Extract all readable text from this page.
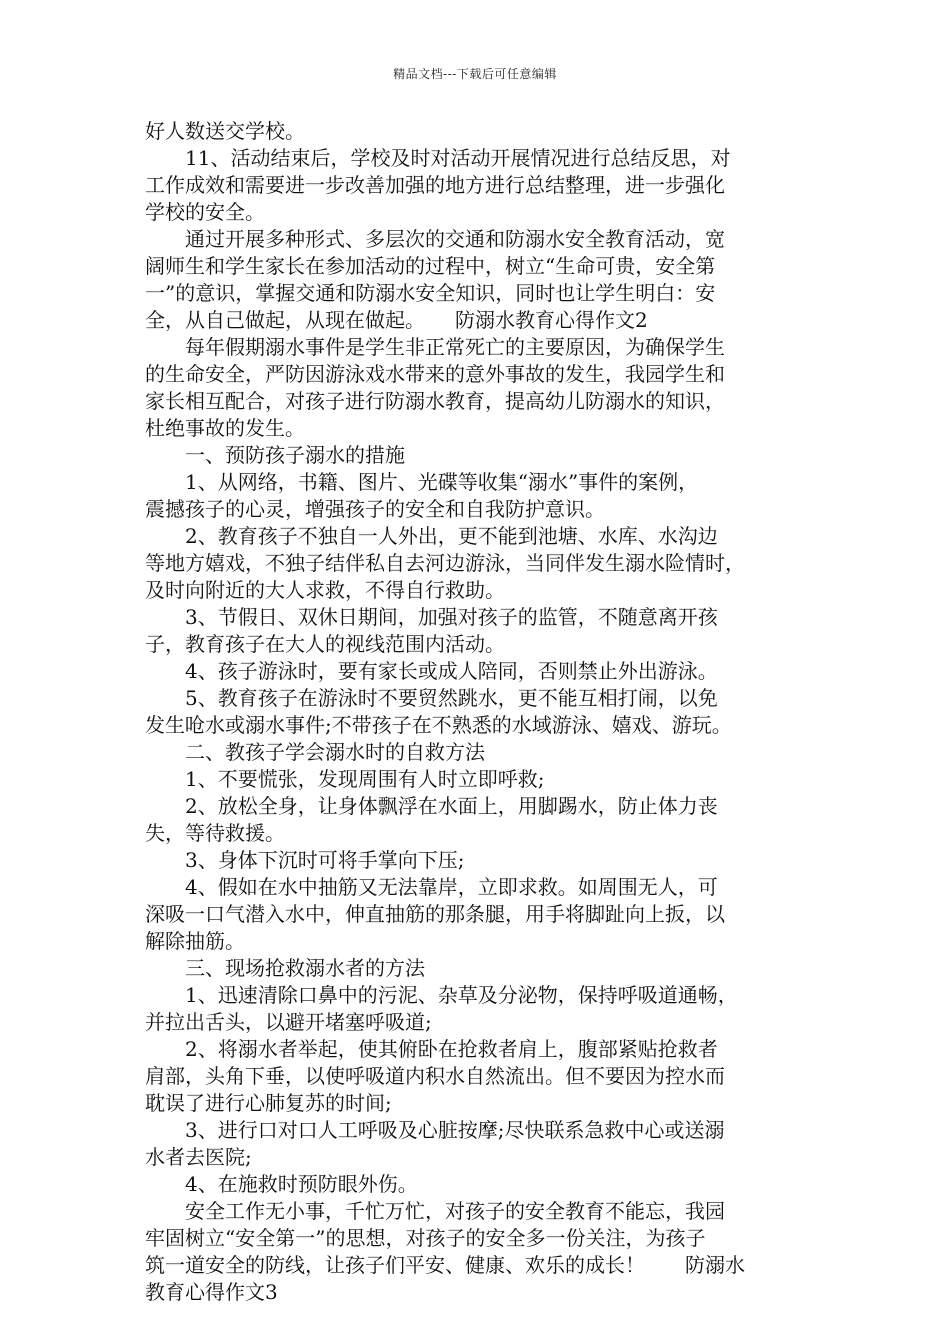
精品文档---下载后可任意编辑
好人数送交学校。
　　11、活动结束后，学校及时对活动开展情况进行总结反思，对
工作成效和需要进一步改善加强的地方进行总结整理，进一步强化
学校的安全。
　　通过开展多种形式、多层次的交通和防溺水安全教育活动，宽
阔师生和学生家长在参加活动的过程中，树立“生命可贵，安全第
一”的意识，掌握交通和防溺水安全知识，同时也让学生明白：安
全，从自己做起，从现在做起。　　防溺水教育心得作文2
　　每年假期溺水事件是学生非正常死亡的主要原因，为确保学生
的生命安全，严防因游泳戏水带来的意外事故的发生，我园学生和
家长相互配合，对孩子进行防溺水教育，提高幼儿防溺水的知识，
杜绝事故的发生。
　　一、预防孩子溺水的措施
　　1、从网络，书籍、图片、光碟等收集“溺水”事件的案例，
震撼孩子的心灵，增强孩子的安全和自我防护意识。
　　2、教育孩子不独自一人外出，更不能到池塘、水库、水沟边
等地方嬉戏，不独子结伴私自去河边游泳，当同伴发生溺水险情时，
及时向附近的大人求救，不得自行救助。
　　3、节假日、双休日期间，加强对孩子的监管，不随意离开孩
子，教育孩子在大人的视线范围内活动。
　　4、孩子游泳时，要有家长或成人陪同，否则禁止外出游泳。
　　5、教育孩子在游泳时不要贸然跳水，更不能互相打闹，以免
发生呛水或溺水事件;不带孩子在不熟悉的水域游泳、嬉戏、游玩。
　　二、教孩子学会溺水时的自救方法
　　1、不要慌张，发现周围有人时立即呼救;
　　2、放松全身，让身体飘浮在水面上，用脚踢水，防止体力丧
失，等待救援。
　　3、身体下沉时可将手掌向下压;
　　4、假如在水中抽筋又无法靠岸，立即求救。如周围无人，可
深吸一口气潜入水中，伸直抽筋的那条腿，用手将脚趾向上扳，以
解除抽筋。
　　三、现场抢救溺水者的方法
　　1、迅速清除口鼻中的污泥、杂草及分泌物，保持呼吸道通畅，
并拉出舌头，以避开堵塞呼吸道;
　　2、将溺水者举起，使其俯卧在抢救者肩上，腹部紧贴抢救者
肩部，头角下垂，以使呼吸道内积水自然流出。但不要因为控水而
耽误了进行心肺复苏的时间;
　　3、进行口对口人工呼吸及心脏按摩;尽快联系急救中心或送溺
水者去医院;
　　4、在施救时预防眼外伤。
　　安全工作无小事，千忙万忙，对孩子的安全教育不能忘，我园
牢固树立“安全第一”的思想，对孩子的安全多一份关注，为孩子
筑一道安全的防线，让孩子们平安、健康、欢乐的成长！　　防溺水
教育心得作文3
